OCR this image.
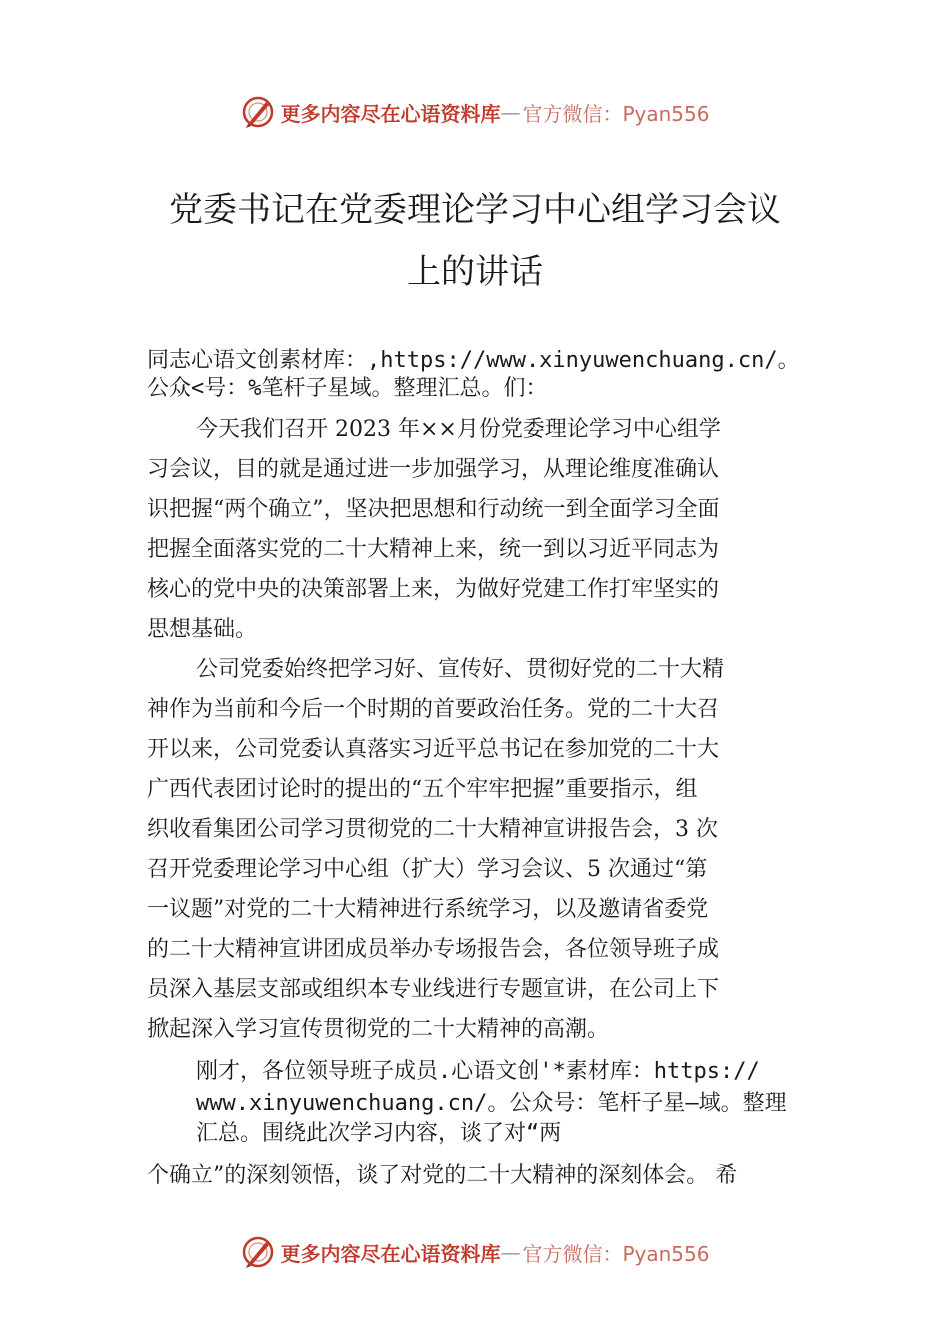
更多内容尽在心语资料库 — 官方微信：Pyan556
党委书记在党委理论学习中心组学习会议
上的讲话
同志心语文创素材库：,https://www.xinyuwenchuang.cn/。
公众<号：%笔杆子星域。整理汇总。们：
今天我们召开 2023 年××月份党委理论学习中心组学
习会议，目的就是通过进一步加强学习，从理论维度准确认
识把握“两个确立”，坚决把思想和行动统一到全面学习全面
把握全面落实党的二十大精神上来，统一到以习近平同志为
核心的党中央的决策部署上来，为做好党建工作打牢坚实的
思想基础。
公司党委始终把学习好、宣传好、贯彻好党的二十大精
神作为当前和今后一个时期的首要政治任务。党的二十大召
开以来，公司党委认真落实习近平总书记在参加党的二十大
广西代表团讨论时的提出的“五个牢牢把握”重要指示，组
织收看集团公司学习贯彻党的二十大精神宣讲报告会，3 次
召开党委理论学习中心组（扩大）学习会议、5 次通过“第
一议题”对党的二十大精神进行系统学习，以及邀请省委党
的二十大精神宣讲团成员举办专场报告会，各位领导班子成
员深入基层支部或组织本专业线进行专题宣讲，在公司上下
掀起深入学习宣传贯彻党的二十大精神的高潮。
刚才，各位领导班子成员.心语文创'*素材库：https://
www.xinyuwenchuang.cn/。公众号：笔杆子星—域。整理
汇总。围绕此次学习内容，谈了对“两
个确立”的深刻领悟，谈了对党的二十大精神的深刻体会。 希
更多内容尽在心语资料库 — 官方微信：Pyan556
